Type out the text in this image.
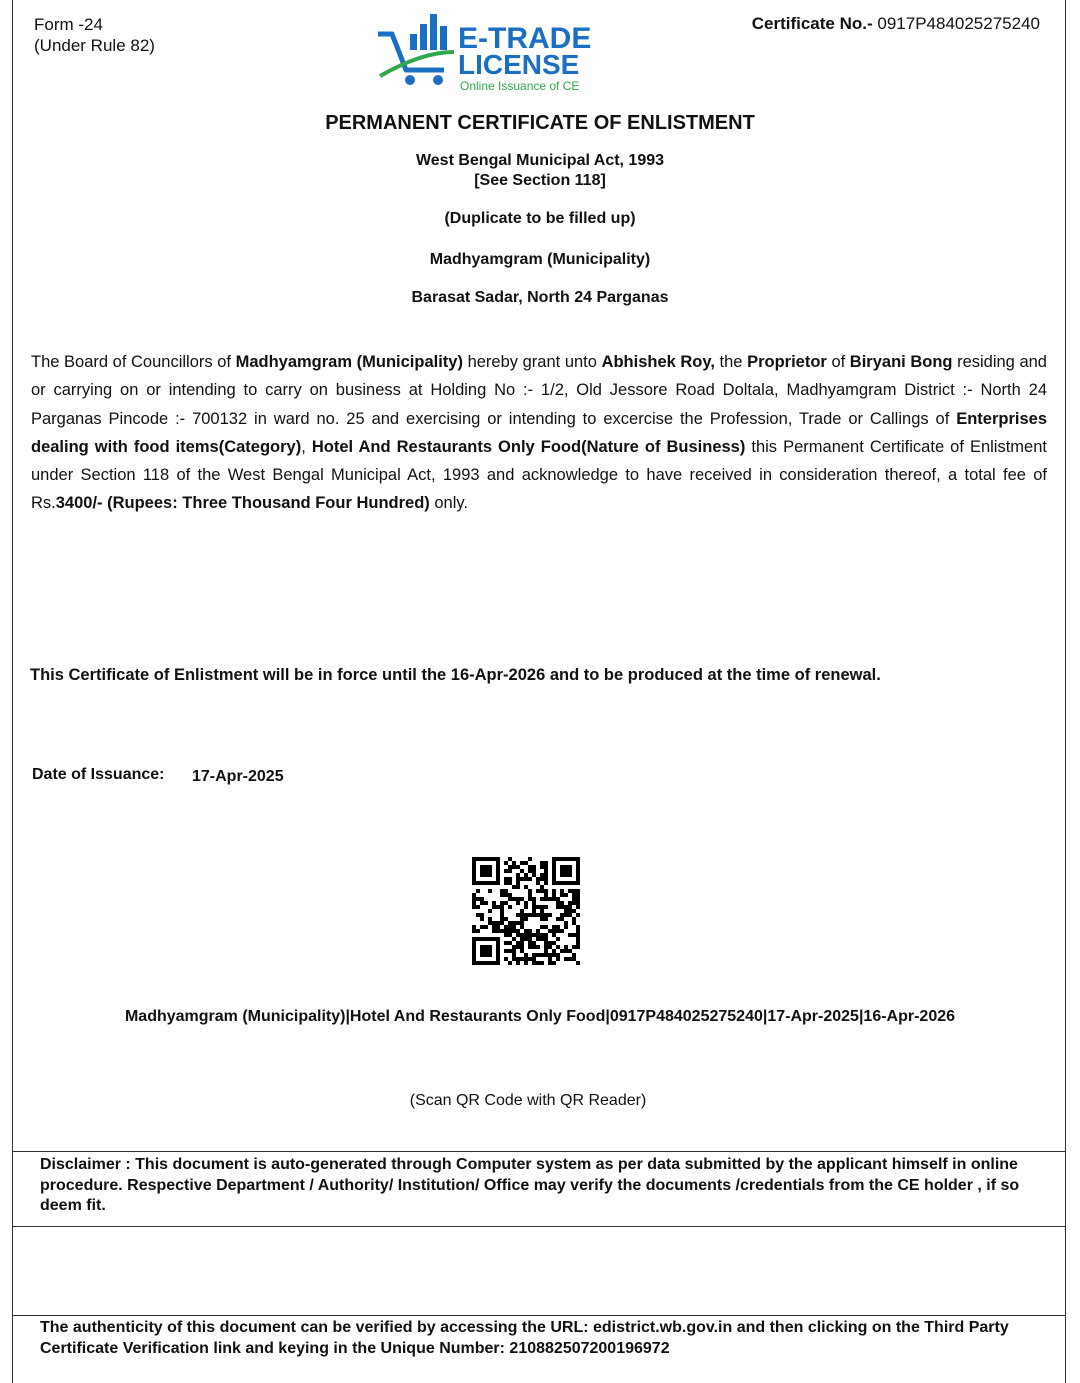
Form -24
(Under Rule 82)
Certificate No.- 0917P484025275240
E-TRADE
LICENSE
Online Issuance of CE
PERMANENT CERTIFICATE OF ENLISTMENT
West Bengal Municipal Act, 1993
[See Section 118]
(Duplicate to be filled up)
Madhyamgram (Municipality)
Barasat Sadar, North 24 Parganas
The Board of Councillors of Madhyamgram (Municipality) hereby grant unto Abhishek Roy, the Proprietor of Biryani Bong residing and or carrying on or intending to carry on business at Holding No :- 1/2, Old Jessore Road Doltala, Madhyamgram District :- North 24 Parganas Pincode :- 700132 in ward no. 25 and exercising or intending to excercise the Profession, Trade or Callings of Enterprises dealing with food items(Category), Hotel And Restaurants Only Food(Nature of Business) this Permanent Certificate of Enlistment under Section 118 of the West Bengal Municipal Act, 1993 and acknowledge to have received in consideration thereof, a total fee of Rs.3400/- (Rupees: Three Thousand Four Hundred) only.
This Certificate of Enlistment will be in force until the 16-Apr-2026 and to be produced at the time of renewal.
Date of Issuance: 17-Apr-2025
Madhyamgram (Municipality)|Hotel And Restaurants Only Food|0917P484025275240|17-Apr-2025|16-Apr-2026
(Scan QR Code with QR Reader)
Disclaimer : This document is auto-generated through Computer system as per data submitted by the applicant himself in online procedure. Respective Department / Authority/ Institution/ Office may verify the documents /credentials from the CE holder , if so deem fit.
The authenticity of this document can be verified by accessing the URL: edistrict.wb.gov.in and then clicking on the Third Party Certificate Verification link and keying in the Unique Number: 210882507200196972
